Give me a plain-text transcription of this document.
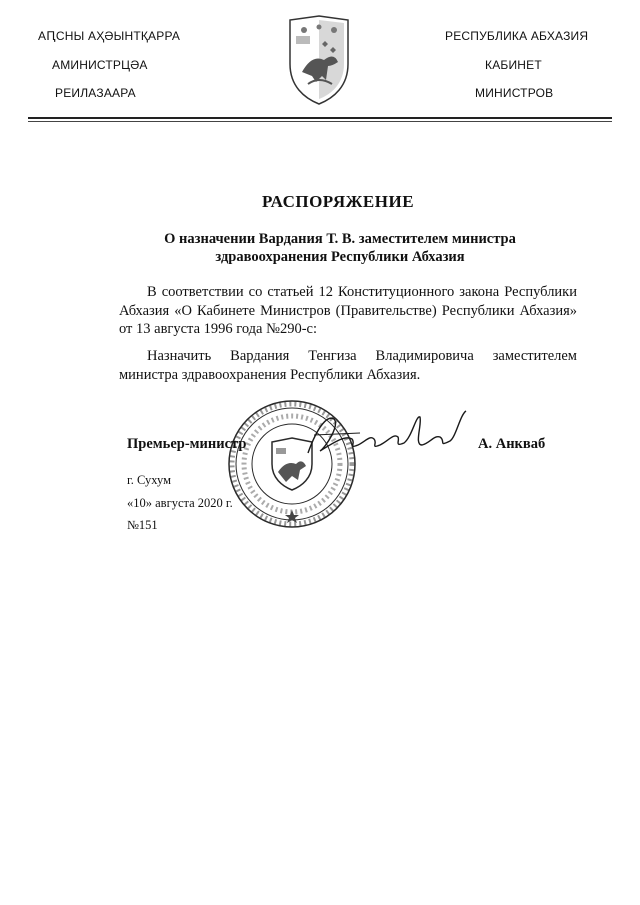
АԤСНЫ АҲӘЫНТҚАРРА
АМИНИСТРЦӘА
РЕИЛАЗААРА
РЕСПУБЛИКА АБХАЗИЯ
КАБИНЕТ
МИНИСТРОВ
РАСПОРЯЖЕНИЕ
О назначении Вардания Т. В. заместителем министра
здравоохранения Республики Абхазия
В соответствии со статьей 12 Конституционного закона Республики Абхазия «О Кабинете Министров (Правительстве) Республики Абхазия» от 13 августа 1996 года №290-с:
Назначить Вардания Тенгиза Владимировича заместителем министра здравоохранения Республики Абхазия.
Премьер-министр	А. Анкваб
г. Сухум
«10» августа 2020 г.
№151
